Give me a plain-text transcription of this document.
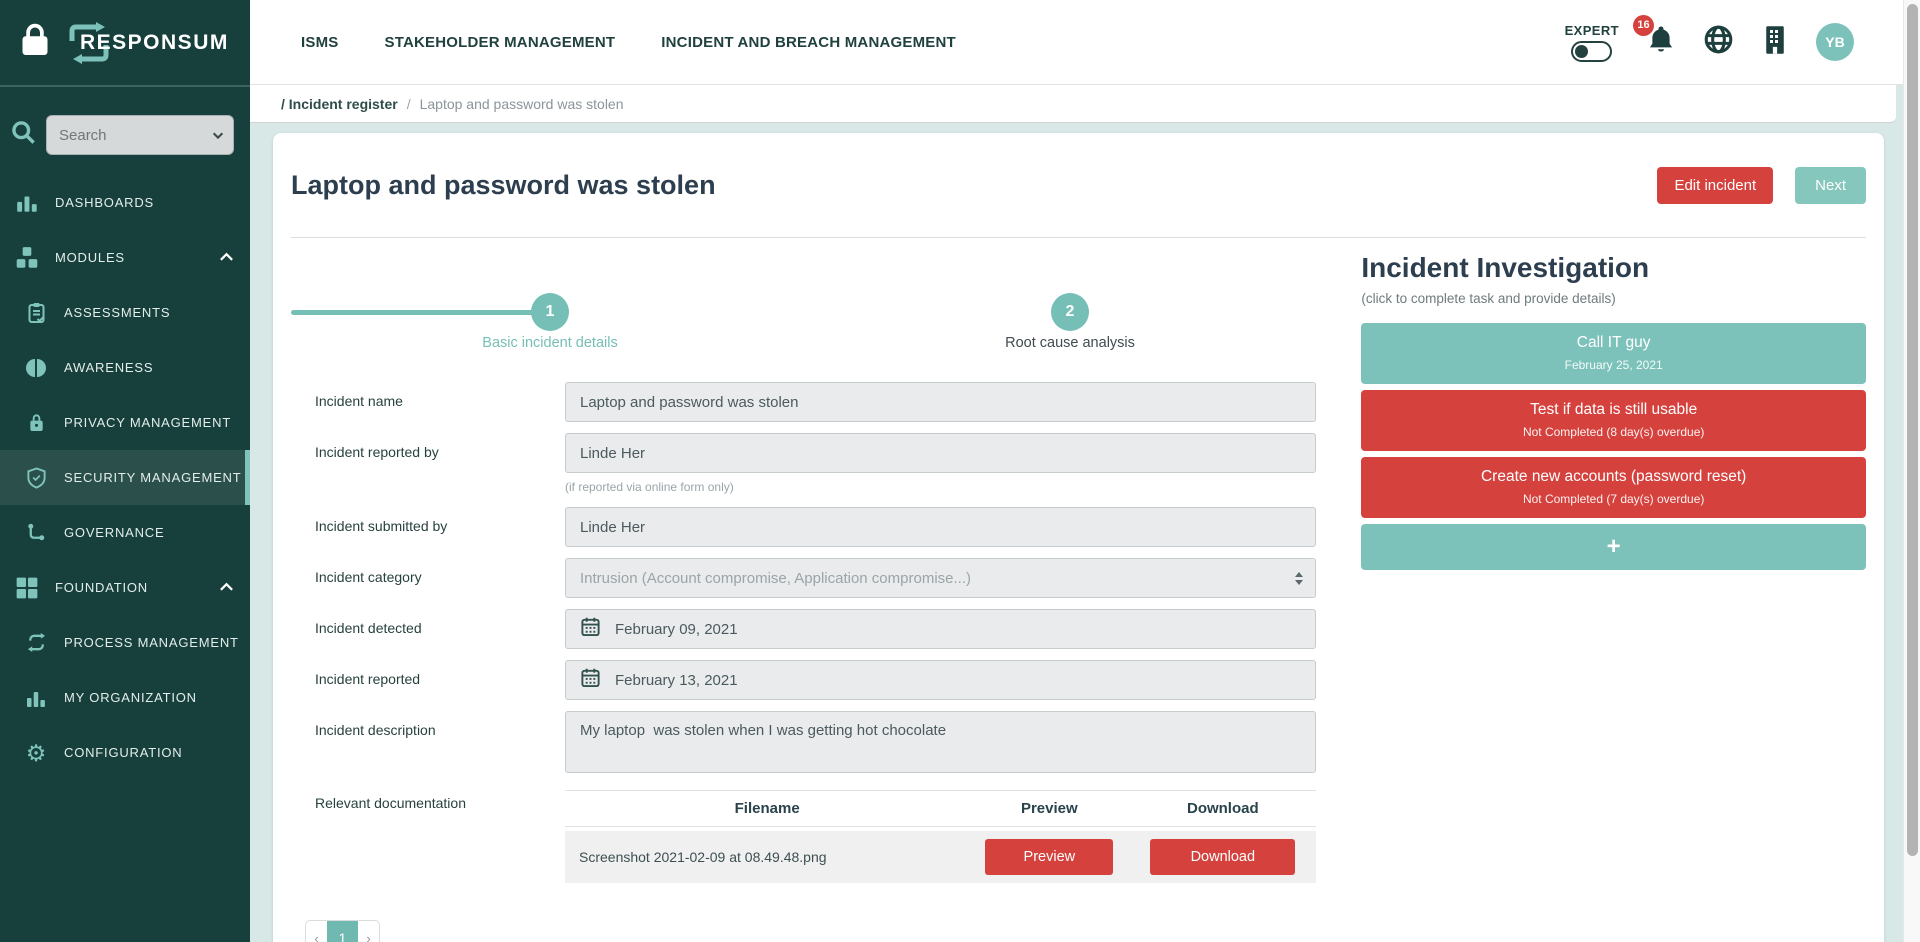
RESPONSUM
Search
DASHBOARDS
MODULES
ASSESSMENTS
AWARENESS
PRIVACY MANAGEMENT
SECURITY MANAGEMENT
GOVERNANCE
FOUNDATION
PROCESS MANAGEMENT
MY ORGANIZATION
⚙ CONFIGURATION
ISMS	STAKEHOLDER MANAGEMENT	INCIDENT AND BREACH MANAGEMENT
EXPERT	16
YB
/ Incident register / Laptop and password was stolen
Laptop and password was stolen	Edit incident	Next
1	2
Basic incident details	Root cause analysis
Incident name
Laptop and password was stolen
Incident reported by
Linde Her
(if reported via online form only)
Incident submitted by
Linde Her
Incident category	Intrusion (Account compromise, Application compromise...)
Incident detected	February 09, 2021
Incident reported	February 13, 2021
Incident description
My laptop was stolen when I was getting hot chocolate
Relevant documentation	Filename	Preview	Download
Screenshot 2021-02-09 at 08.49.48.png	Preview	Download
‹	1	›
Incident Investigation
(click to complete task and provide details)
Call IT guy
February 25, 2021
Test if data is still usable
Not Completed (8 day(s) overdue)
Create new accounts (password reset)
Not Completed (7 day(s) overdue)
+
